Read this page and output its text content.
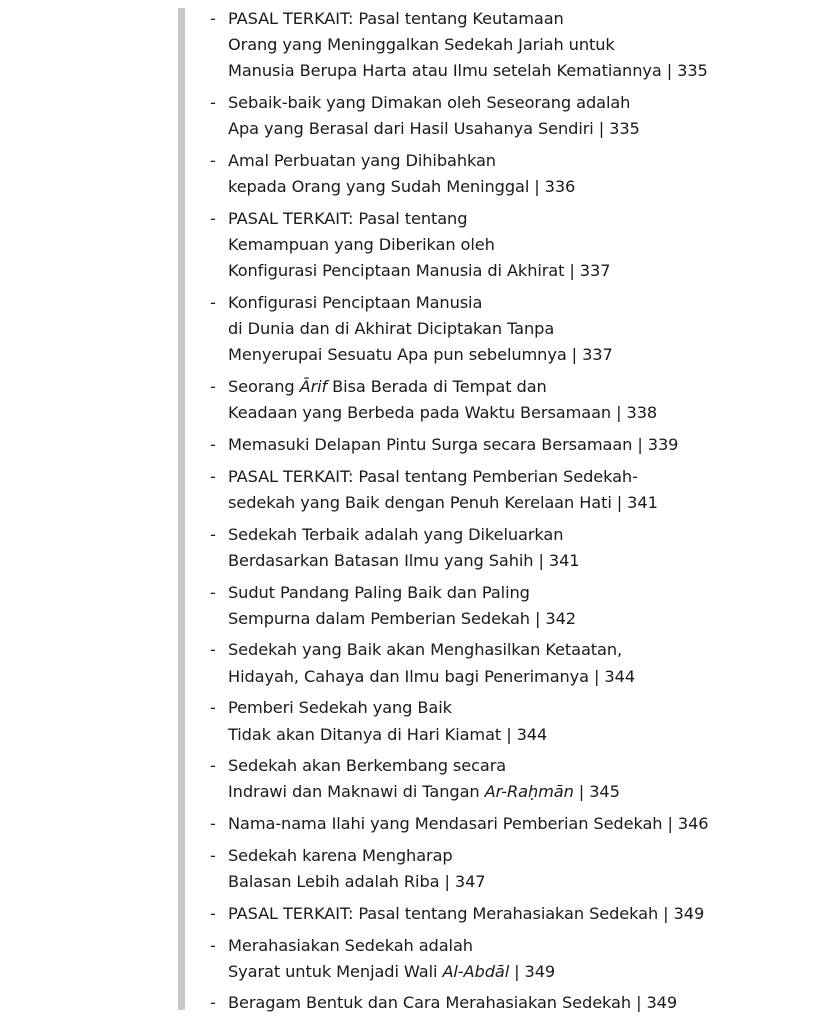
- PASAL TERKAIT: Pasal tentang Keutamaan
Orang yang Meninggalkan Sedekah Jariah untuk
Manusia Berupa Harta atau Ilmu setelah Kematiannya | 335
- Sebaik-baik yang Dimakan oleh Seseorang adalah
Apa yang Berasal dari Hasil Usahanya Sendiri | 335
- Amal Perbuatan yang Dihibahkan
kepada Orang yang Sudah Meninggal | 336
- PASAL TERKAIT: Pasal tentang
Kemampuan yang Diberikan oleh
Konfigurasi Penciptaan Manusia di Akhirat | 337
- Konfigurasi Penciptaan Manusia
di Dunia dan di Akhirat Diciptakan Tanpa
Menyerupai Sesuatu Apa pun sebelumnya | 337
- Seorang Ārif Bisa Berada di Tempat dan
Keadaan yang Berbeda pada Waktu Bersamaan | 338
- Memasuki Delapan Pintu Surga secara Bersamaan | 339
- PASAL TERKAIT: Pasal tentang Pemberian Sedekah-
sedekah yang Baik dengan Penuh Kerelaan Hati | 341
- Sedekah Terbaik adalah yang Dikeluarkan
Berdasarkan Batasan Ilmu yang Sahih | 341
- Sudut Pandang Paling Baik dan Paling
Sempurna dalam Pemberian Sedekah | 342
- Sedekah yang Baik akan Menghasilkan Ketaatan,
Hidayah, Cahaya dan Ilmu bagi Penerimanya | 344
- Pemberi Sedekah yang Baik
Tidak akan Ditanya di Hari Kiamat | 344
- Sedekah akan Berkembang secara
Indrawi dan Maknawi di Tangan Ar-Raḥmān | 345
- Nama-nama Ilahi yang Mendasari Pemberian Sedekah | 346
- Sedekah karena Mengharap
Balasan Lebih adalah Riba | 347
- PASAL TERKAIT: Pasal tentang Merahasiakan Sedekah | 349
- Merahasiakan Sedekah adalah
Syarat untuk Menjadi Wali Al-Abdāl | 349
- Beragam Bentuk dan Cara Merahasiakan Sedekah | 349
